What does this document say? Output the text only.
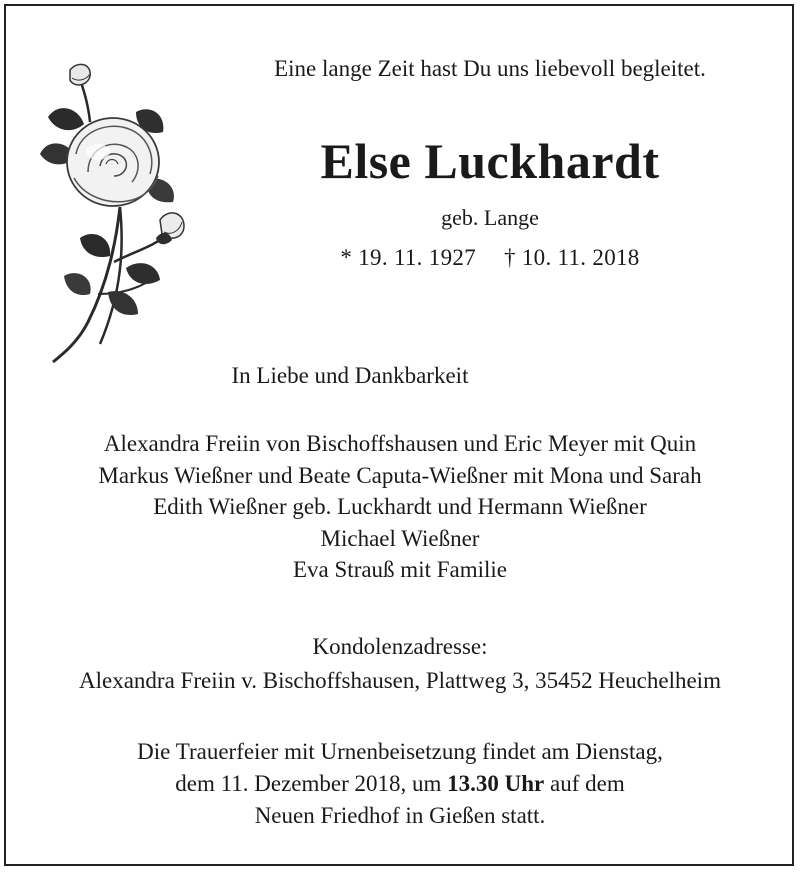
Eine lange Zeit hast Du uns liebevoll begleitet.
Else Luckhardt
geb. Lange
* 19. 11. 1927 † 10. 11. 2018
In Liebe und Dankbarkeit
Alexandra Freiin von Bischoffshausen und Eric Meyer mit Quin
Markus Wießner und Beate Caputa-Wießner mit Mona und Sarah
Edith Wießner geb. Luckhardt und Hermann Wießner
Michael Wießner
Eva Strauß mit Familie
Kondolenzadresse:
Alexandra Freiin v. Bischoffshausen, Plattweg 3, 35452 Heuchelheim
Die Trauerfeier mit Urnenbeisetzung findet am Dienstag,
dem 11. Dezember 2018, um 13.30 Uhr auf dem
Neuen Friedhof in Gießen statt.
